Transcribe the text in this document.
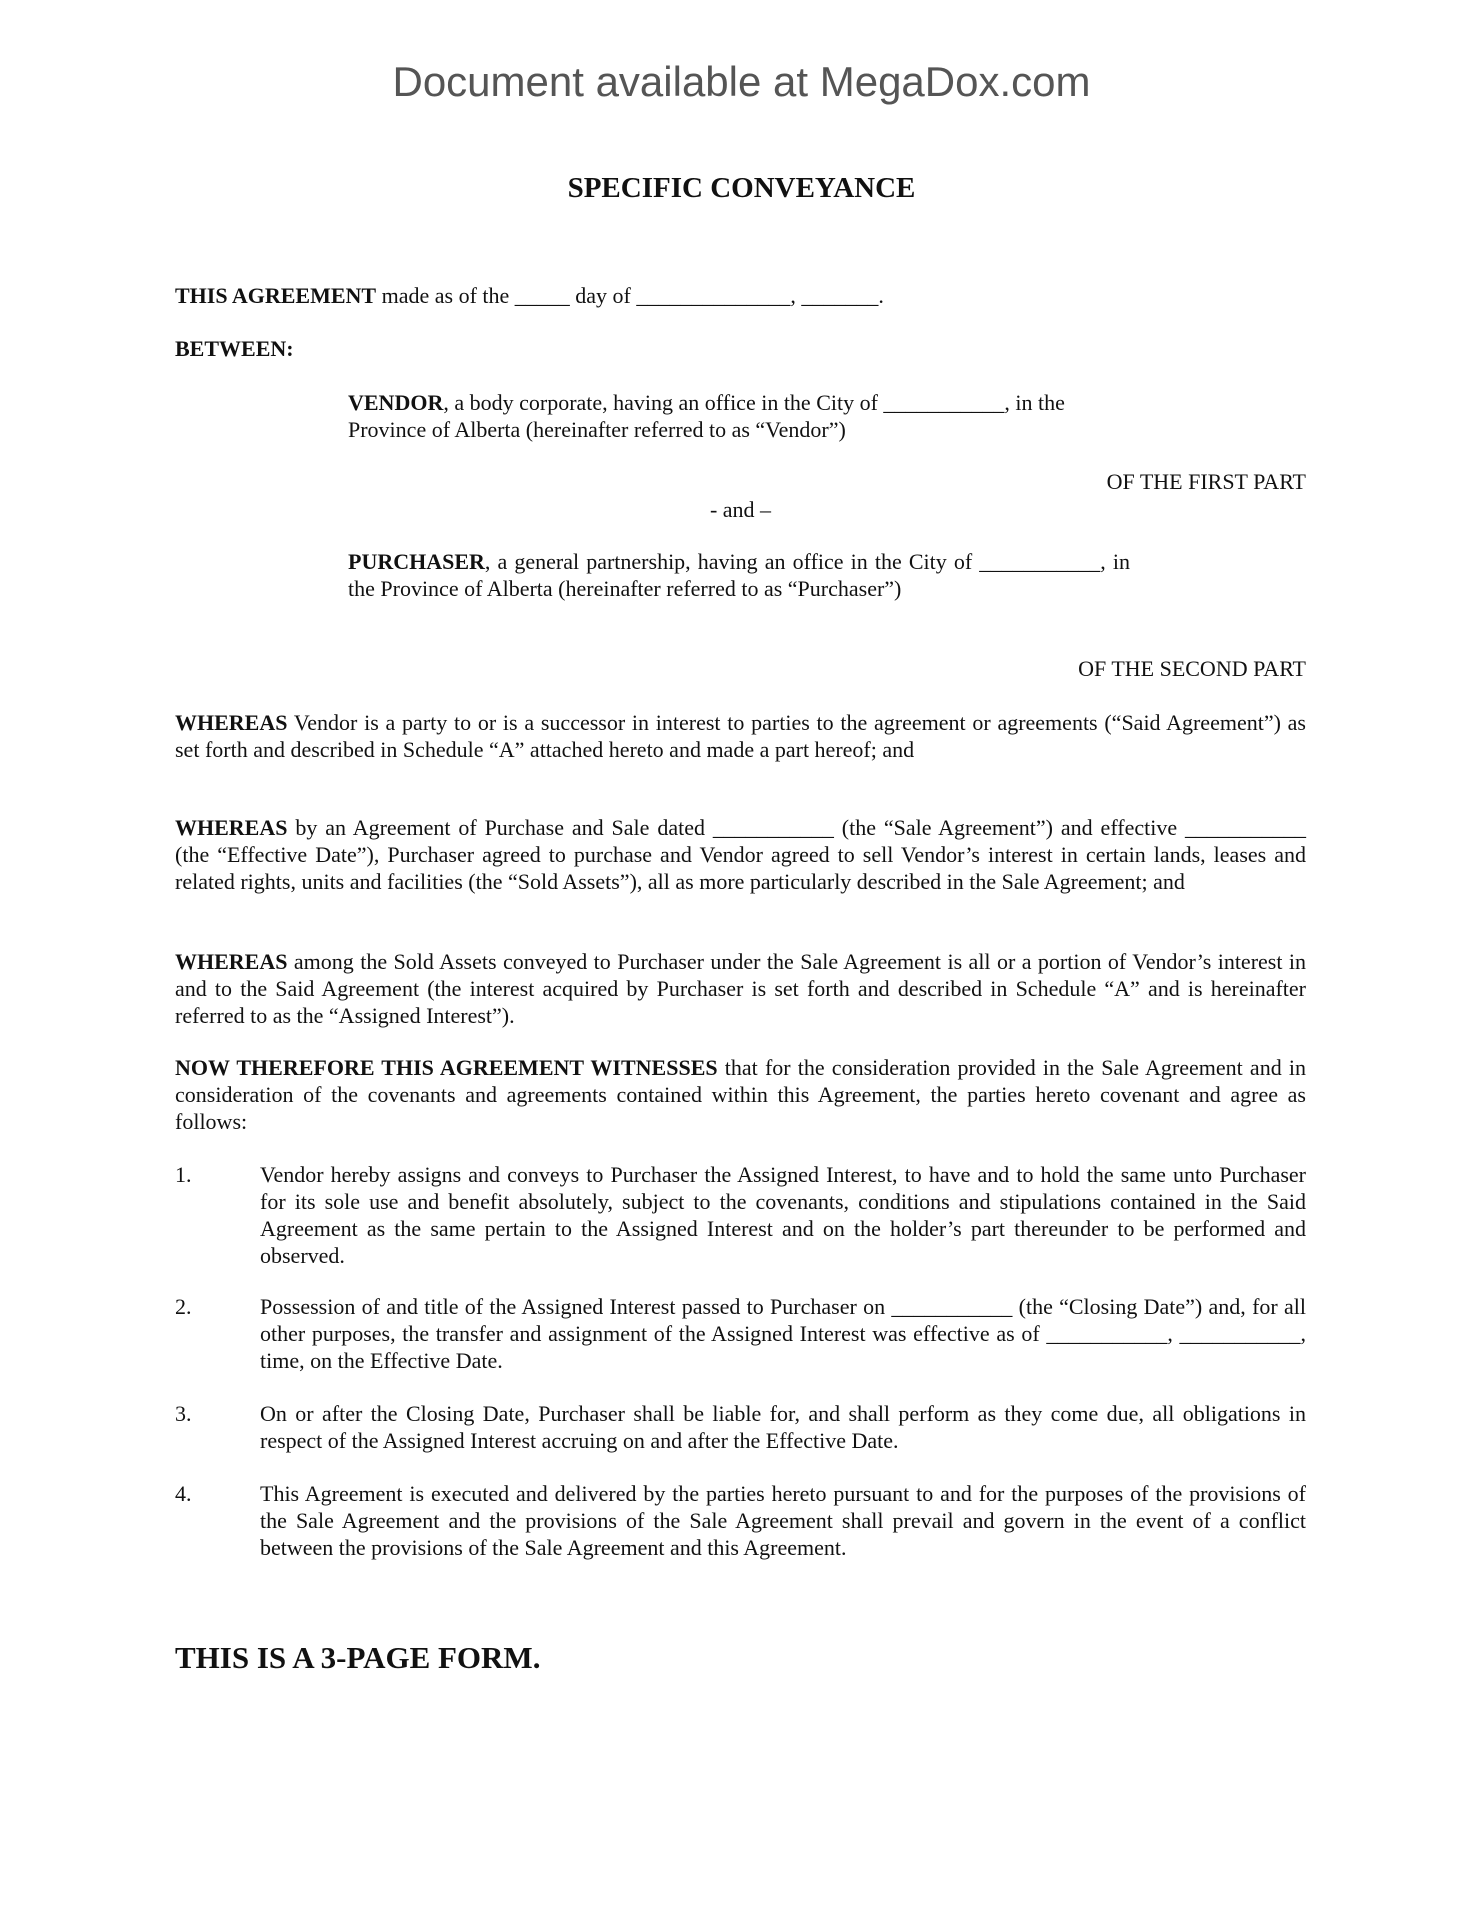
Document available at MegaDox.com
SPECIFIC CONVEYANCE
THIS AGREEMENT made as of the _____ day of ______________, _______.
BETWEEN:
VENDOR, a body corporate, having an office in the City of ___________, in the Province of Alberta (hereinafter referred to as “Vendor”)
OF THE FIRST PART
- and –
PURCHASER, a general partnership, having an office in the City of ___________, in the Province of Alberta (hereinafter referred to as “Purchaser”)
OF THE SECOND PART
WHEREAS Vendor is a party to or is a successor in interest to parties to the agreement or agreements (“Said Agreement”) as set forth and described in Schedule “A” attached hereto and made a part hereof; and
WHEREAS by an Agreement of Purchase and Sale dated ___________ (the “Sale Agreement”) and effective ___________ (the “Effective Date”), Purchaser agreed to purchase and Vendor agreed to sell Vendor’s interest in certain lands, leases and related rights, units and facilities (the “Sold Assets”), all as more particularly described in the Sale Agreement; and
WHEREAS among the Sold Assets conveyed to Purchaser under the Sale Agreement is all or a portion of Vendor’s interest in and to the Said Agreement (the interest acquired by Purchaser is set forth and described in Schedule “A” and is hereinafter referred to as the “Assigned Interest”).
NOW THEREFORE THIS AGREEMENT WITNESSES that for the consideration provided in the Sale Agreement and in consideration of the covenants and agreements contained within this Agreement, the parties hereto covenant and agree as follows:
1.	Vendor hereby assigns and conveys to Purchaser the Assigned Interest, to have and to hold the same unto Purchaser for its sole use and benefit absolutely, subject to the covenants, conditions and stipulations contained in the Said Agreement as the same pertain to the Assigned Interest and on the holder’s part thereunder to be performed and observed.
2.	Possession of and title of the Assigned Interest passed to Purchaser on ___________ (the “Closing Date”) and, for all other purposes, the transfer and assignment of the Assigned Interest was effective as of ___________, ___________, time, on the Effective Date.
3.	On or after the Closing Date, Purchaser shall be liable for, and shall perform as they come due, all obligations in respect of the Assigned Interest accruing on and after the Effective Date.
4.	This Agreement is executed and delivered by the parties hereto pursuant to and for the purposes of the provisions of the Sale Agreement and the provisions of the Sale Agreement shall prevail and govern in the event of a conflict between the provisions of the Sale Agreement and this Agreement.
THIS IS A 3-PAGE FORM.
